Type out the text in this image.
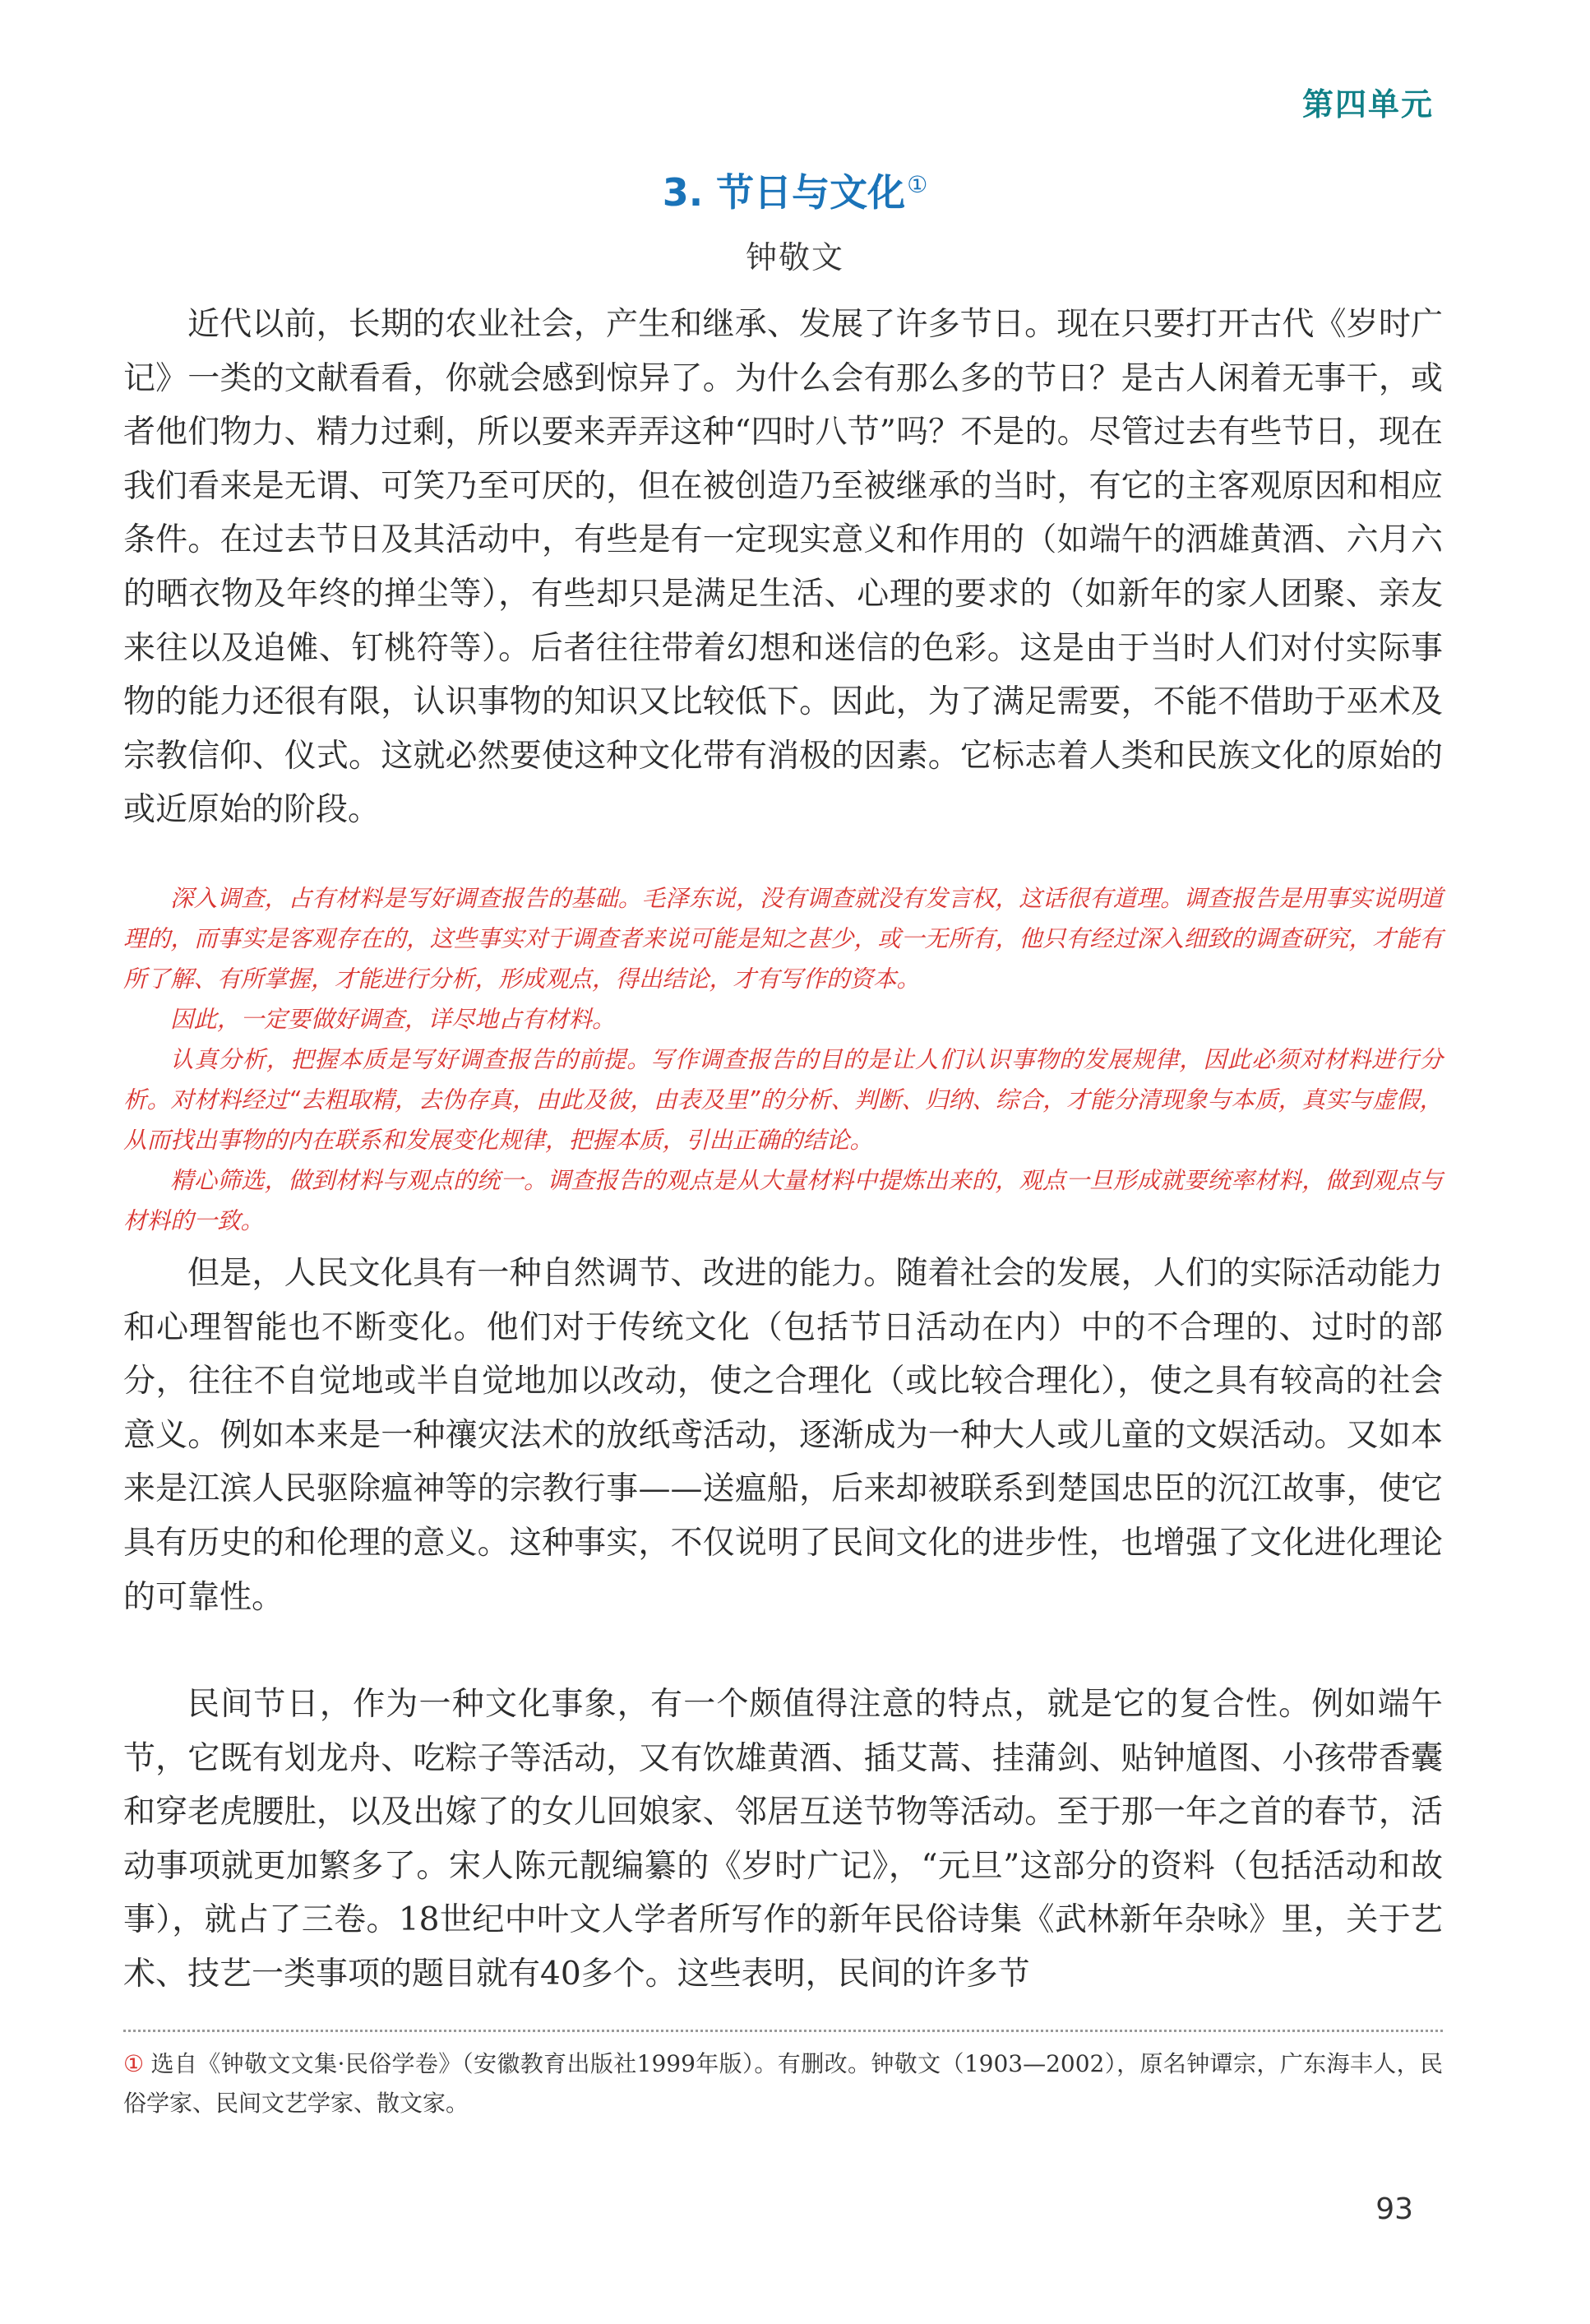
第四单元
3. 节日与文化①
钟敬文

近代以前，长期的农业社会，产生和继承、发展了许多节日。现在只要打开古代《岁时广记》一类的文献看看，你就会感到惊异了。为什么会有那么多的节日？是古人闲着无事干，或者他们物力、精力过剩，所以要来弄弄这种“四时八节”吗？不是的。尽管过去有些节日，现在我们看来是无谓、可笑乃至可厌的，但在被创造乃至被继承的当时，有它的主客观原因和相应条件。在过去节日及其活动中，有些是有一定现实意义和作用的（如端午的洒雄黄酒、六月六的晒衣物及年终的掸尘等），有些却只是满足生活、心理的要求的（如新年的家人团聚、亲友来往以及追傩、钉桃符等）。后者往往带着幻想和迷信的色彩。这是由于当时人们对付实际事物的能力还很有限，认识事物的知识又比较低下。因此，为了满足需要，不能不借助于巫术及宗教信仰、仪式。这就必然要使这种文化带有消极的因素。它标志着人类和民族文化的原始的或近原始的阶段。

深入调查，占有材料是写好调查报告的基础。毛泽东说，没有调查就没有发言权，这话很有道理。调查报告是用事实说明道理的，而事实是客观存在的，这些事实对于调查者来说可能是知之甚少，或一无所有，他只有经过深入细致的调查研究，才能有所了解、有所掌握，才能进行分析，形成观点，得出结论，才有写作的资本。

因此，一定要做好调查，详尽地占有材料。

认真分析，把握本质是写好调查报告的前提。写作调查报告的目的是让人们认识事物的发展规律，因此必须对材料进行分析。对材料经过“去粗取精，去伪存真，由此及彼，由表及里”的分析、判断、归纳、综合，才能分清现象与本质，真实与虚假，从而找出事物的内在联系和发展变化规律，把握本质，引出正确的结论。

精心筛选，做到材料与观点的统一。调查报告的观点是从大量材料中提炼出来的，观点一旦形成就要统率材料，做到观点与材料的一致。

但是，人民文化具有一种自然调节、改进的能力。随着社会的发展，人们的实际活动能力和心理智能也不断变化。他们对于传统文化（包括节日活动在内）中的不合理的、过时的部分，往往不自觉地或半自觉地加以改动，使之合理化（或比较合理化），使之具有较高的社会意义。例如本来是一种禳灾法术的放纸鸢活动，逐渐成为一种大人或儿童的文娱活动。又如本来是江滨人民驱除瘟神等的宗教行事——送瘟船，后来却被联系到楚国忠臣的沉江故事，使它具有历史的和伦理的意义。这种事实，不仅说明了民间文化的进步性，也增强了文化进化理论的可靠性。

民间节日，作为一种文化事象，有一个颇值得注意的特点，就是它的复合性。例如端午节，它既有划龙舟、吃粽子等活动，又有饮雄黄酒、插艾蒿、挂蒲剑、贴钟馗图、小孩带香囊和穿老虎腰肚，以及出嫁了的女儿回娘家、邻居互送节物等活动。至于那一年之首的春节，活动事项就更加繁多了。宋人陈元靓编纂的《岁时广记》，“元旦”这部分的资料（包括活动和故事），就占了三卷。18世纪中叶文人学者所写作的新年民俗诗集《武林新年杂咏》里，关于艺术、技艺一类事项的题目就有40多个。这些表明，民间的许多节

① 选自《钟敬文文集·民俗学卷》（安徽教育出版社1999年版）。有删改。钟敬文（1903—2002），原名钟谭宗，广东海丰人，民俗学家、民间文艺学家、散文家。
93
